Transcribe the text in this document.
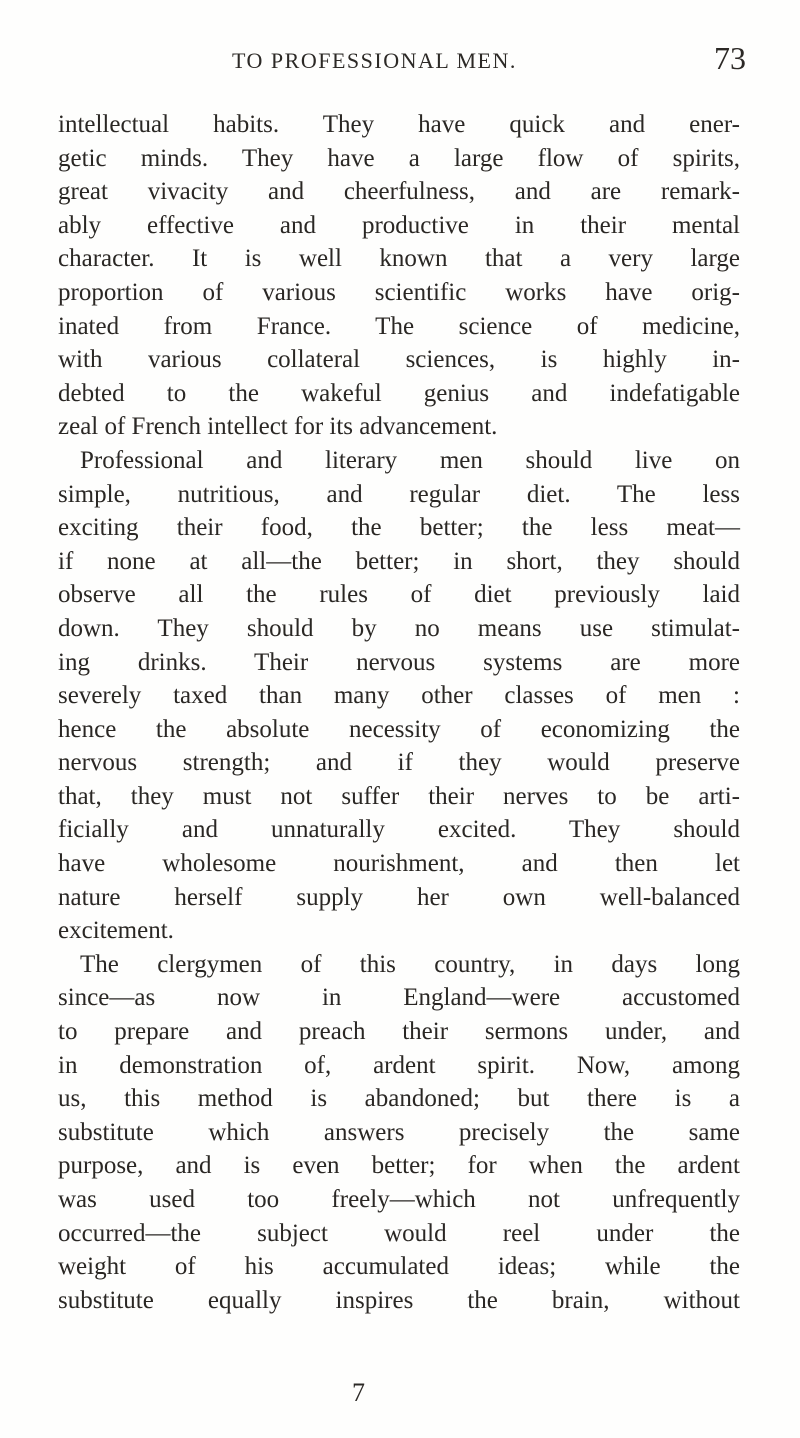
TO PROFESSIONAL MEN.	73
intellectual habits. They have quick and ener-
getic minds. They have a large flow of spirits,
great vivacity and cheerfulness, and are remark-
ably effective and productive in their mental
character. It is well known that a very large
proportion of various scientific works have orig-
inated from France. The science of medicine,
with various collateral sciences, is highly in-
debted to the wakeful genius and indefatigable
zeal of French intellect for its advancement.
Professional and literary men should live on
simple, nutritious, and regular diet. The less
exciting their food, the better; the less meat—
if none at all—the better; in short, they should
observe all the rules of diet previously laid
down. They should by no means use stimulat-
ing drinks. Their nervous systems are more
severely taxed than many other classes of men :
hence the absolute necessity of economizing the
nervous strength; and if they would preserve
that, they must not suffer their nerves to be arti-
ficially and unnaturally excited. They should
have wholesome nourishment, and then let
nature herself supply her own well-balanced
excitement.
The clergymen of this country, in days long
since—as now in England—were accustomed
to prepare and preach their sermons under, and
in demonstration of, ardent spirit. Now, among
us, this method is abandoned; but there is a
substitute which answers precisely the same
purpose, and is even better; for when the ardent
was used too freely—which not unfrequently
occurred—the subject would reel under the
weight of his accumulated ideas; while the
substitute equally inspires the brain, without
7
